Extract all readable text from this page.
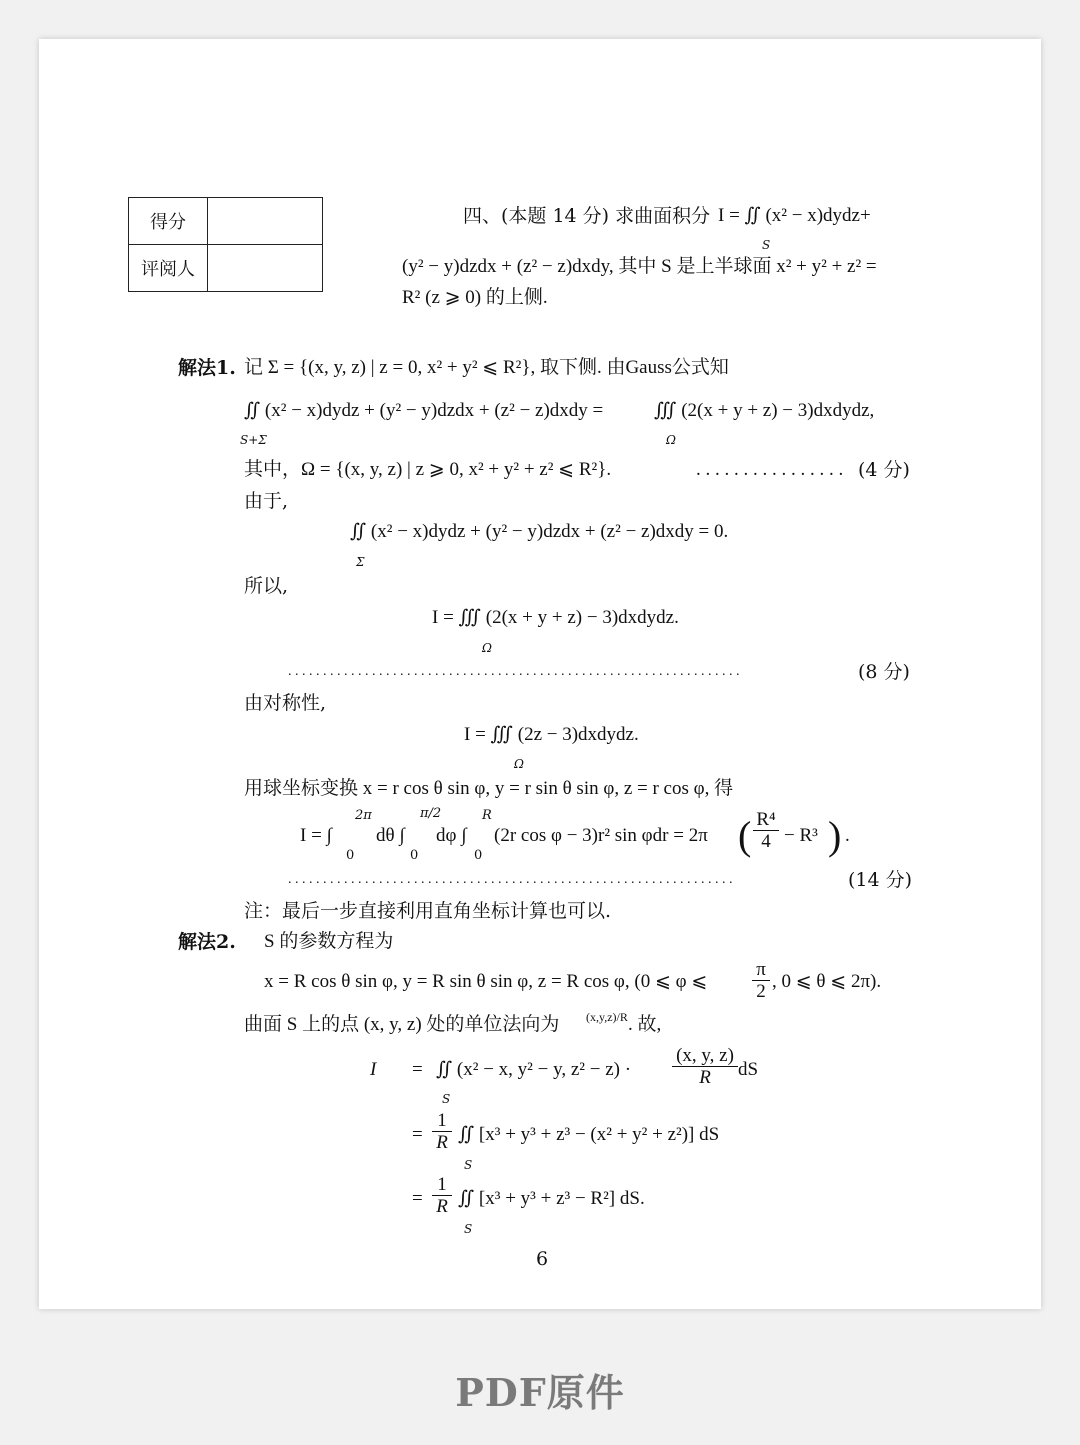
四、(本题 14 分) 求曲面积分 I = ∬ (x² − x)dydz+
S
(y² − y)dzdx + (z² − z)dxdy, 其中 S 是上半球面 x² + y² + z² =
R² (z ⩾ 0) 的上侧.
得分	
评阅人	
解法1. 记 Σ = {(x, y, z) | z = 0, x² + y² ⩽ R²}, 取下侧. 由Gauss公式知
∬ (x² − x)dydz + (y² − y)dzdx + (z² − z)dxdy =
S+Σ
∭ (2(x + y + z) − 3)dxdydz,
Ω
其中，Ω = {(x, y, z) | z ⩾ 0, x² + y² + z² ⩽ R²}.	. . . . . . . . . . . . . . . . (4 分)
由于,
∬ (x² − x)dydz + (y² − y)dzdx + (z² − z)dxdy = 0.
Σ
所以,
I = ∭ (2(x + y + z) − 3)dxdydz.
Ω
. . . . . . . . . . . . . . . . . . . . . . . . . . . . . . . . . . . . . . . . . . . . . . . . . . . . . . . . . . . . . . . . .	(8 分)
由对称性,
I = ∭ (2z − 3)dxdydz.
Ω
用球坐标变换 x = r cos θ sin φ, y = r sin θ sin φ, z = r cos φ, 得
I = ∫
2π
0
dθ ∫
π/2
0
dφ ∫
R
0
(2r cos φ − 3)r² sin φdr = 2π ( $\frac{\text{R⁴}}{4} - R^3$ ) .
. . . . . . . . . . . . . . . . . . . . . . . . . . . . . . . . . . . . . . . . . . . . . . . . . . . . . . . . . . . . . . . .	(14 分)
注：最后一步直接利用直角坐标计算也可以.
解法2. S 的参数方程为
x = R cos θ sin φ, y = R sin θ sin φ, z = R cos φ, (0 ⩽ φ ⩽ $\frac{\pi}{2}$ , 0 ⩽ θ ⩽ 2π).
曲面 S 上的点 (x, y, z) 处的单位法向为 (x,y,z)/R . 故,
I = ∬ (x² − x, y² − y, z² − z) ·
S
$\frac{(x, y, z)}{R}$ dS
= $\frac{1}{R}$ ∬ [x³ + y³ + z³ − (x² + y² + z²)] dS
S
= $\frac{1}{R}$ ∬ [x³ + y³ + z³ − R²] dS.
S
6
PDF原件
